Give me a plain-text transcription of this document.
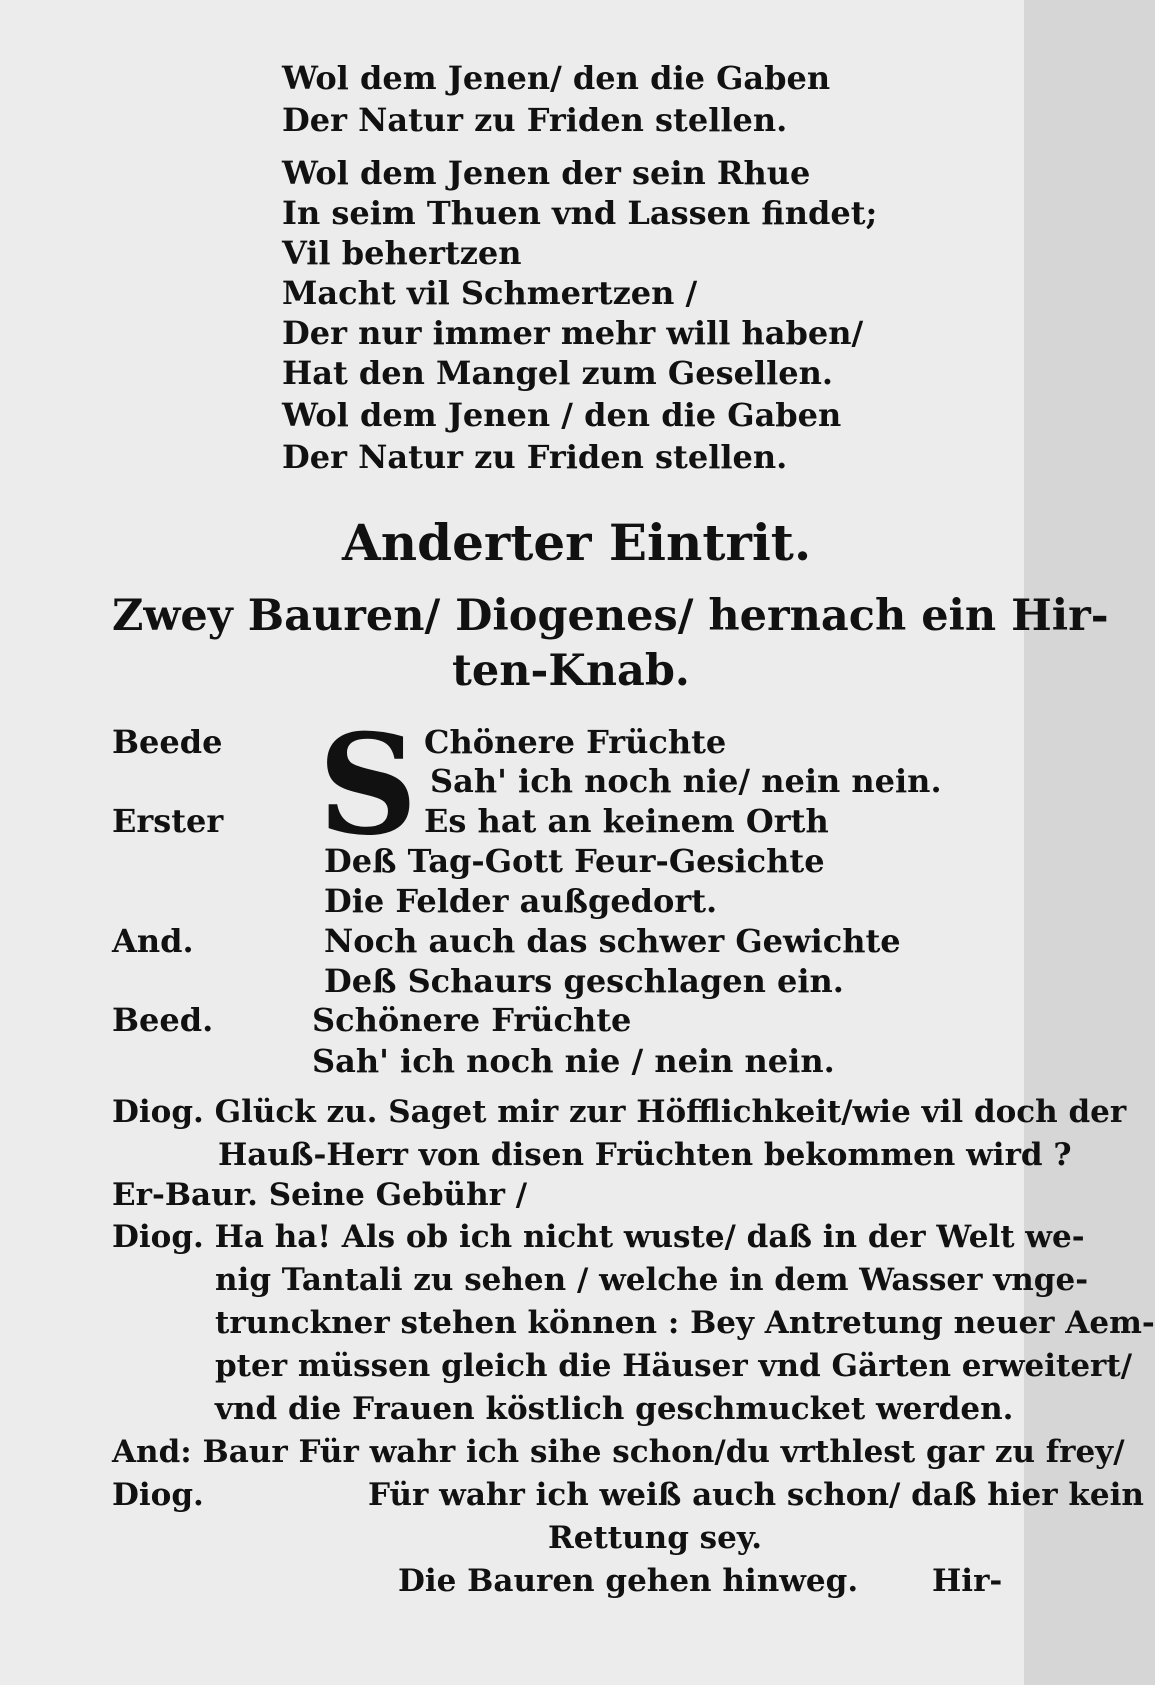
Wol dem Jenen/ den die Gaben
Der Natur zu Friden stellen.
Wol dem Jenen der sein Rhue
In seim Thuen vnd Lassen findet;
Vil behertzen
Macht vil Schmertzen /
Der nur immer mehr will haben/
Hat den Mangel zum Gesellen.
Wol dem Jenen / den die Gaben
Der Natur zu Friden stellen.
Anderter Eintrit.
Zwey Bauren/ Diogenes/ hernach ein Hir-
ten-Knab.
S
Beede
Erster
And.
Beed.
Chönere Früchte
Sah' ich noch nie/ nein nein.
Es hat an keinem Orth
Deß Tag-Gott Feur-Gesichte
Die Felder außgedort.
Noch auch das schwer Gewichte
Deß Schaurs geschlagen ein.
Schönere Früchte
Sah' ich noch nie / nein nein.
Diog. Glück zu. Saget mir zur Höfflichkeit/wie vil doch der
Hauß-Herr von disen Früchten bekommen wird ?
Er-Baur. Seine Gebühr /
Diog. Ha ha! Als ob ich nicht wuste/ daß in der Welt we-
nig Tantali zu sehen / welche in dem Wasser vnge-
trunckner stehen können : Bey Antretung neuer Aem-
pter müssen gleich die Häuser vnd Gärten erweitert/
vnd die Frauen köstlich geschmucket werden.
And: Baur Für wahr ich sihe schon/du vrthlest gar zu frey/
Diog.	Für wahr ich weiß auch schon/ daß hier kein
Rettung sey.
Die Bauren gehen hinweg. Hir-
